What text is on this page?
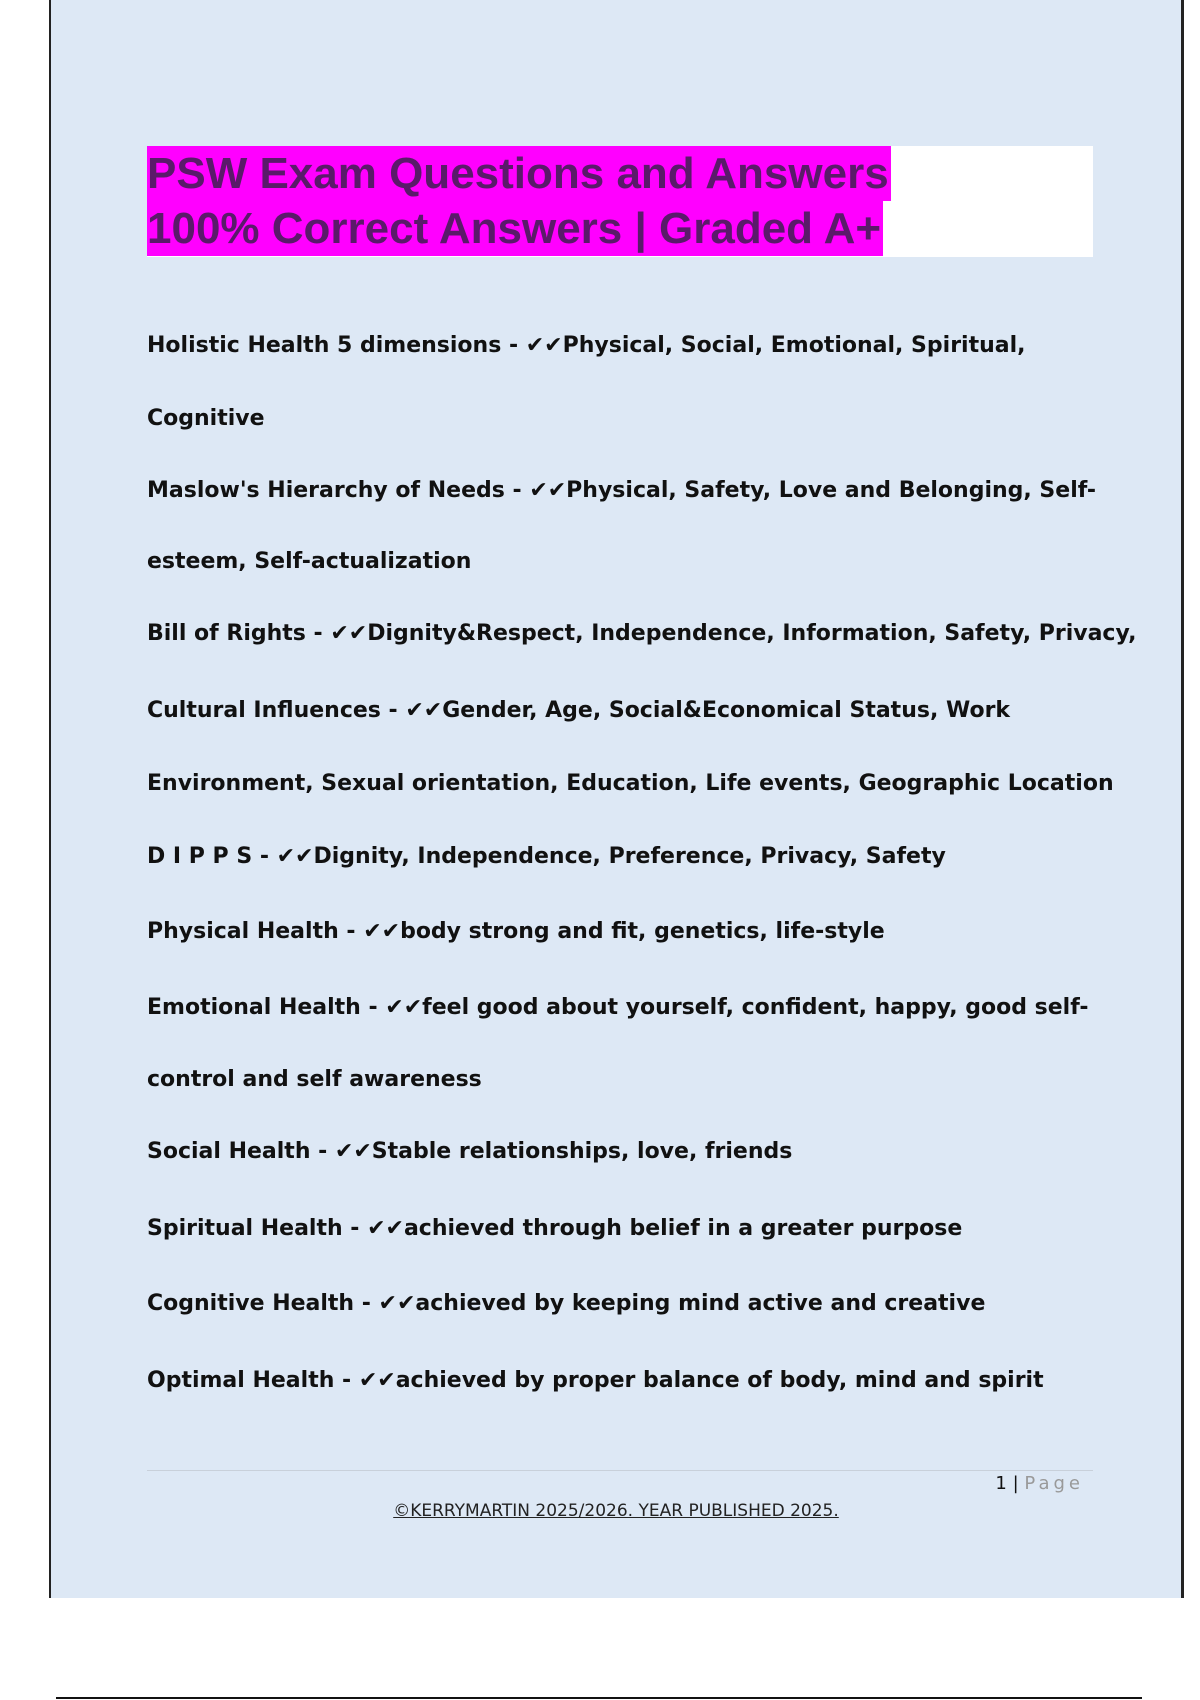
PSW Exam Questions and Answers
100% Correct Answers | Graded A+
Holistic Health 5 dimensions - ✔✔Physical, Social, Emotional, Spiritual,
Cognitive
Maslow's Hierarchy of Needs - ✔✔Physical, Safety, Love and Belonging, Self-
esteem, Self-actualization
Bill of Rights - ✔✔Dignity&Respect, Independence, Information, Safety, Privacy,
Cultural Influences - ✔✔Gender, Age, Social&Economical Status, Work
Environment, Sexual orientation, Education, Life events, Geographic Location
D I P P S - ✔✔Dignity, Independence, Preference, Privacy, Safety
Physical Health - ✔✔body strong and fit, genetics, life-style
Emotional Health - ✔✔feel good about yourself, confident, happy, good self-
control and self awareness
Social Health - ✔✔Stable relationships, love, friends
Spiritual Health - ✔✔achieved through belief in a greater purpose
Cognitive Health - ✔✔achieved by keeping mind active and creative
Optimal Health - ✔✔achieved by proper balance of body, mind and spirit
1 | Page
©KERRYMARTIN 2025/2026. YEAR PUBLISHED 2025.
